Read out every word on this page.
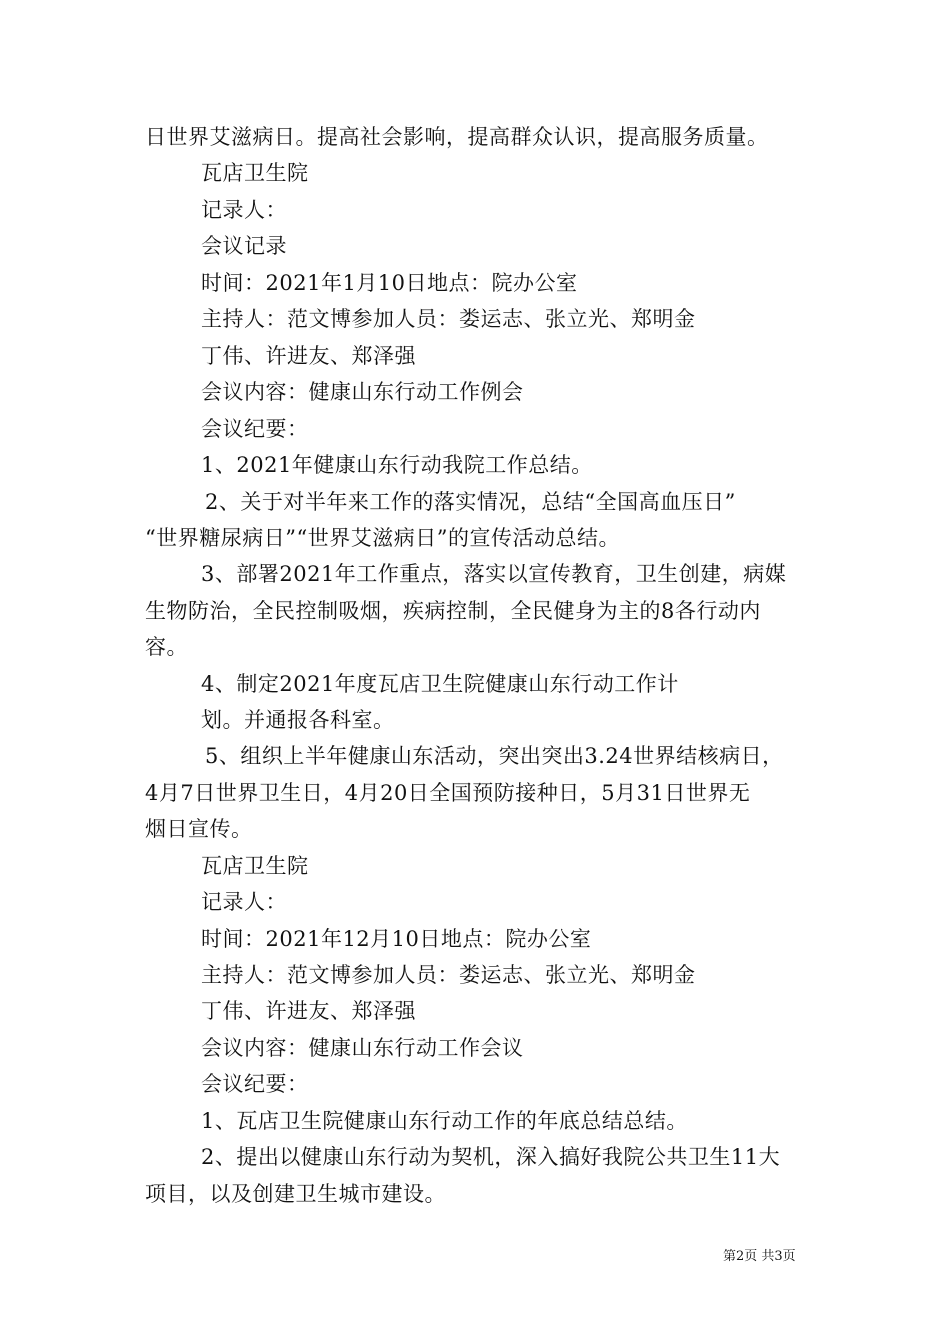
日世界艾滋病日。提高社会影响，提高群众认识，提高服务质量。
瓦店卫生院
记录人：
会议记录
时间：2021年1月10日地点：院办公室
主持人：范文博参加人员：娄运志、张立光、郑明金
丁伟、许进友、郑泽强
会议内容：健康山东行动工作例会
会议纪要：
1、2021年健康山东行动我院工作总结。
2、关于对半年来工作的落实情况，总结“全国高血压日”
“世界糖尿病日”“世界艾滋病日”的宣传活动总结。
3、部署2021年工作重点，落实以宣传教育，卫生创建，病媒
生物防治，全民控制吸烟，疾病控制，全民健身为主的8各行动内
容。
4、制定2021年度瓦店卫生院健康山东行动工作计
划。并通报各科室。
5、组织上半年健康山东活动，突出突出3.24世界结核病日，
4月7日世界卫生日，4月20日全国预防接种日，5月31日世界无
烟日宣传。
瓦店卫生院
记录人：
时间：2021年12月10日地点：院办公室
主持人：范文博参加人员：娄运志、张立光、郑明金
丁伟、许进友、郑泽强
会议内容：健康山东行动工作会议
会议纪要：
1、瓦店卫生院健康山东行动工作的年底总结总结。
2、提出以健康山东行动为契机，深入搞好我院公共卫生11大
项目，以及创建卫生城市建设。
第2页 共3页
